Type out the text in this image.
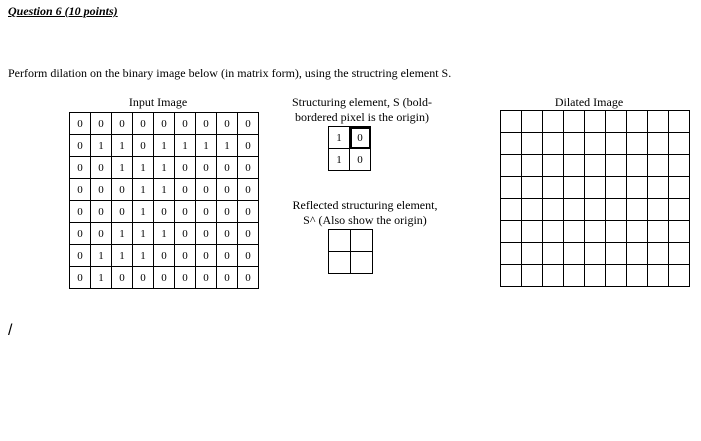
Question 6 (10 points)
Perform dilation on the binary image below (in matrix form), using the structring element S.
Input Image
0	0	0	0	0	0	0	0	0
0	1	1	0	1	1	1	1	0
0	0	1	1	1	0	0	0	0
0	0	0	1	1	0	0	0	0
0	0	0	1	0	0	0	0	0
0	0	1	1	1	0	0	0	0
0	1	1	1	0	0	0	0	0
0	1	0	0	0	0	0	0	0
Structuring element, S (bold-
bordered pixel is the origin)
1	0
1	0
Reflected structuring element,
S^ (Also show the origin)

Dilated Image

/
